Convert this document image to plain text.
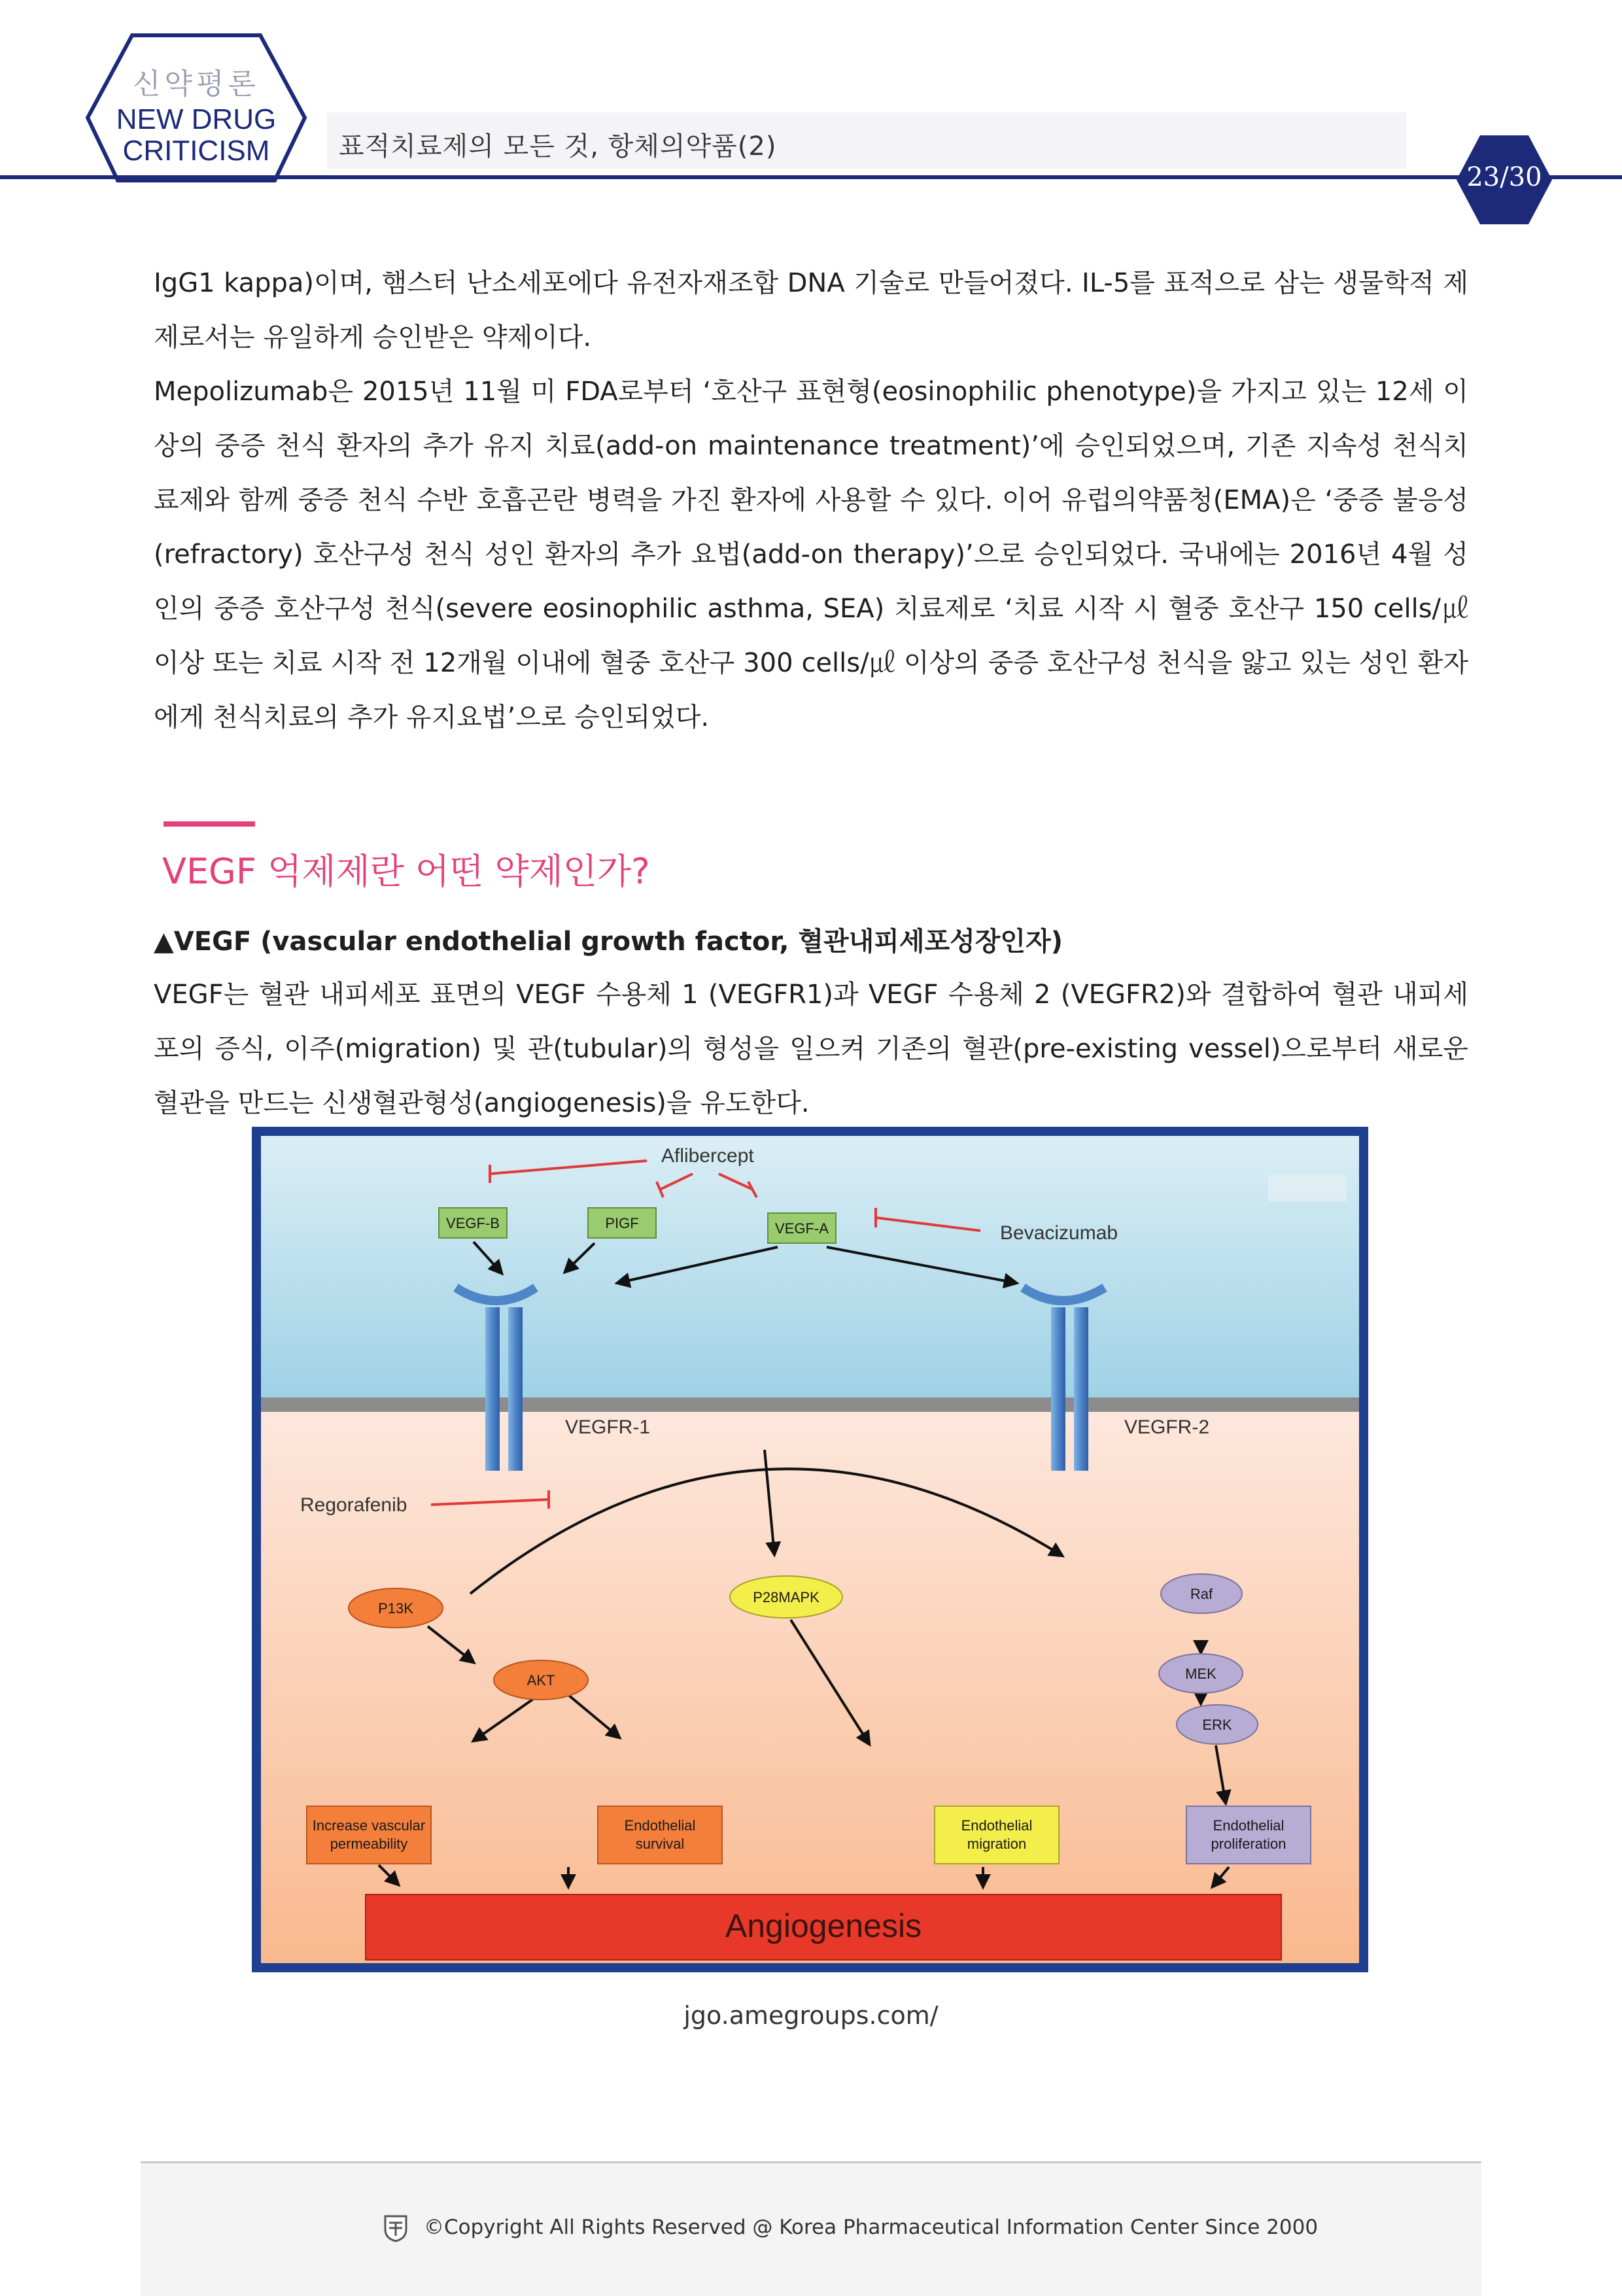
신약평론
NEW DRUG
CRITICISM	표적치료제의 모든 것, 항체의약품(2)
23/30
IgG1 kappa)이며, 햄스터 난소세포에다 유전자재조합 DNA 기술로 만들어졌다. IL-5를 표적으로 삼는 생물학적 제제로서는 유일하게 승인받은 약제이다.
Mepolizumab은 2015년 11월 미 FDA로부터 ‘호산구 표현형(eosinophilic phenotype)을 가지고 있는 12세 이상의 중증 천식 환자의 추가 유지 치료(add-on maintenance treatment)’에 승인되었으며, 기존 지속성 천식치료제와 함께 중증 천식 수반 호흡곤란 병력을 가진 환자에 사용할 수 있다. 이어 유럽의약품청(EMA)은 ‘중증 불응성(refractory) 호산구성 천식 성인 환자의 추가 요법(add-on therapy)’으로 승인되었다. 국내에는 2016년 4월 성인의 중증 호산구성 천식(severe eosinophilic asthma, SEA) 치료제로 ‘치료 시작 시 혈중 호산구 150 cells/㎕ 이상 또는 치료 시작 전 12개월 이내에 혈중 호산구 300 cells/㎕ 이상의 중증 호산구성 천식을 앓고 있는 성인 환자에게 천식치료의 추가 유지요법’으로 승인되었다.
VEGF 억제제란 어떤 약제인가?
▲VEGF (vascular endothelial growth factor, 혈관내피세포성장인자)
VEGF는 혈관 내피세포 표면의 VEGF 수용체 1 (VEGFR1)과 VEGF 수용체 2 (VEGFR2)와 결합하여 혈관 내피세포의 증식, 이주(migration) 및 관(tubular)의 형성을 일으켜 기존의 혈관(pre-existing vessel)으로부터 새로운 혈관을 만드는 신생혈관형성(angiogenesis)을 유도한다.
Aflibercept
Bevacizumab
Regorafenib
VEGFR-1	VEGFR-2
VEGF-B	PIGF	VEGF-A
P13K
AKT
P28MAPK	Raf
MEK
ERK
Increase vascular
permeability
Endothelial
survival
Endothelial
migration
Endothelial
proliferation
Angiogenesis
jgo.amegroups.com/
©Copyright All Rights Reserved @ Korea Pharmaceutical Information Center Since 2000
